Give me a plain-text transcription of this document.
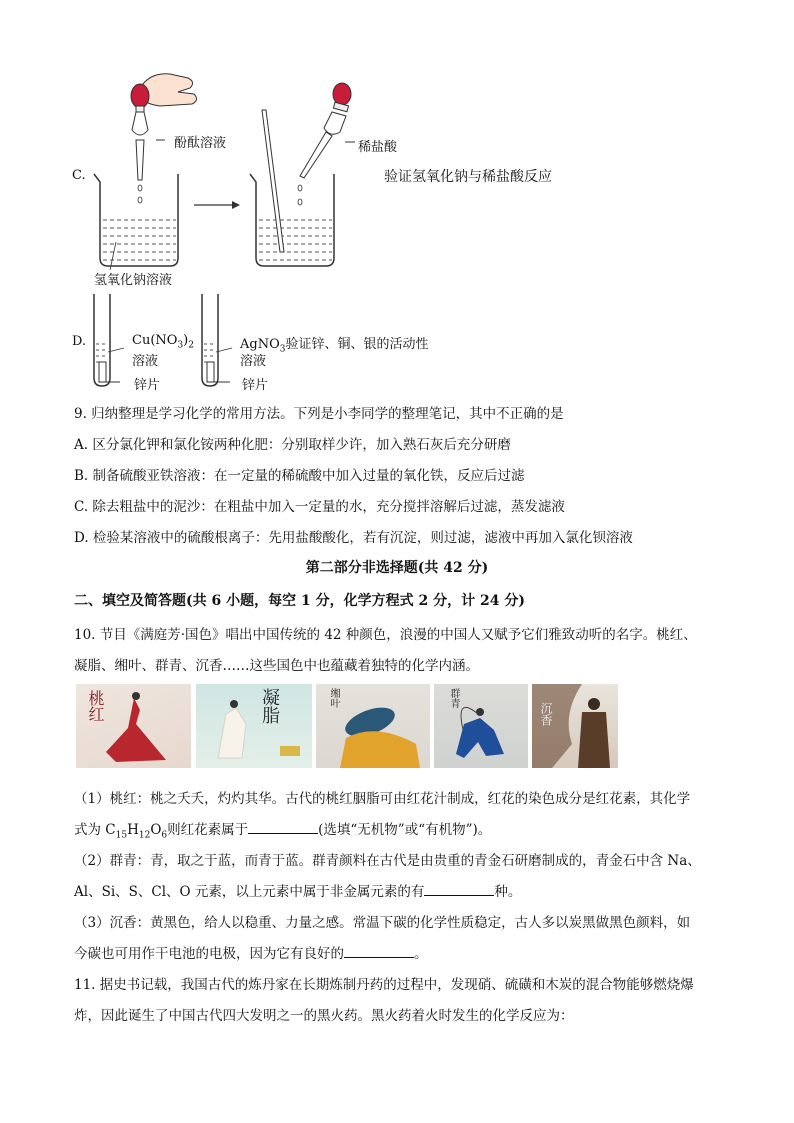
C.
酚酞溶液	稀盐酸
氢氧化钠溶液
验证氢氧化钠与稀盐酸反应
D.	$Cu(NO_3)_2$
溶液
锌片
AgNO$_3$验证锌、铜、银的活动性
溶液
锌片
9. 归纳整理是学习化学的常用方法。下列是小李同学的整理笔记，其中不正确的是
A. 区分氯化钾和氯化铵两种化肥：分别取样少许，加入熟石灰后充分研磨
B. 制备硫酸亚铁溶液：在一定量的稀硫酸中加入过量的氧化铁，反应后过滤
C. 除去粗盐中的泥沙：在粗盐中加入一定量的水，充分搅拌溶解后过滤，蒸发滤液
D. 检验某溶液中的硫酸根离子：先用盐酸酸化，若有沉淀，则过滤，滤液中再加入氯化钡溶液
第二部分非选择题(共 42 分)
二、填空及简答题(共 6 小题，每空 1 分，化学方程式 2 分，计 24 分)
10. 节目《满庭芳·国色》唱出中国传统的 42 种颜色，浪漫的中国人又赋予它们雅致动听的名字。桃红、
凝脂、缃叶、群青、沉香……这些国色中也蕴藏着独特的化学内涵。
桃红	凝脂	缃叶	群青
沉香
（1）桃红：桃之夭夭，灼灼其华。古代的桃红胭脂可由红花汁制成，红花的染色成分是红花素，其化学
式为 $C_{15}H_{12}O_6$则红花素属于	(选填“无机物”或“有机物”)。
（2）群青：青，取之于蓝，而青于蓝。群青颜料在古代是由贵重的青金石研磨制成的，青金石中含 Na、
Al、Si、S、Cl、O 元素，以上元素中属于非金属元素的有	种。
（3）沉香：黄黑色，给人以稳重、力量之感。常温下碳的化学性质稳定，古人多以炭黑做黑色颜料，如
今碳也可用作干电池的电极，因为它有良好的	。
11. 据史书记载，我国古代的炼丹家在长期炼制丹药的过程中，发现硝、硫磺和木炭的混合物能够燃烧爆
炸，因此诞生了中国古代四大发明之一的黑火药。黑火药着火时发生的化学反应为：
